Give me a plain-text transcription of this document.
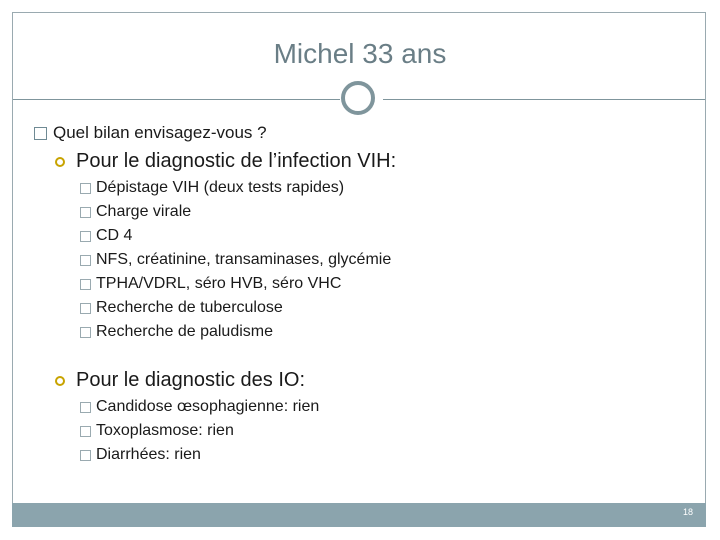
Michel 33 ans
Quel bilan envisagez-vous ?
Pour le diagnostic de l’infection VIH:
Dépistage VIH (deux tests rapides)
Charge virale
CD 4
NFS, créatinine, transaminases, glycémie
TPHA/VDRL, séro HVB, séro VHC
Recherche de tuberculose
Recherche de paludisme
Pour le diagnostic des IO:
Candidose œsophagienne: rien
Toxoplasmose: rien
Diarrhées: rien
18
